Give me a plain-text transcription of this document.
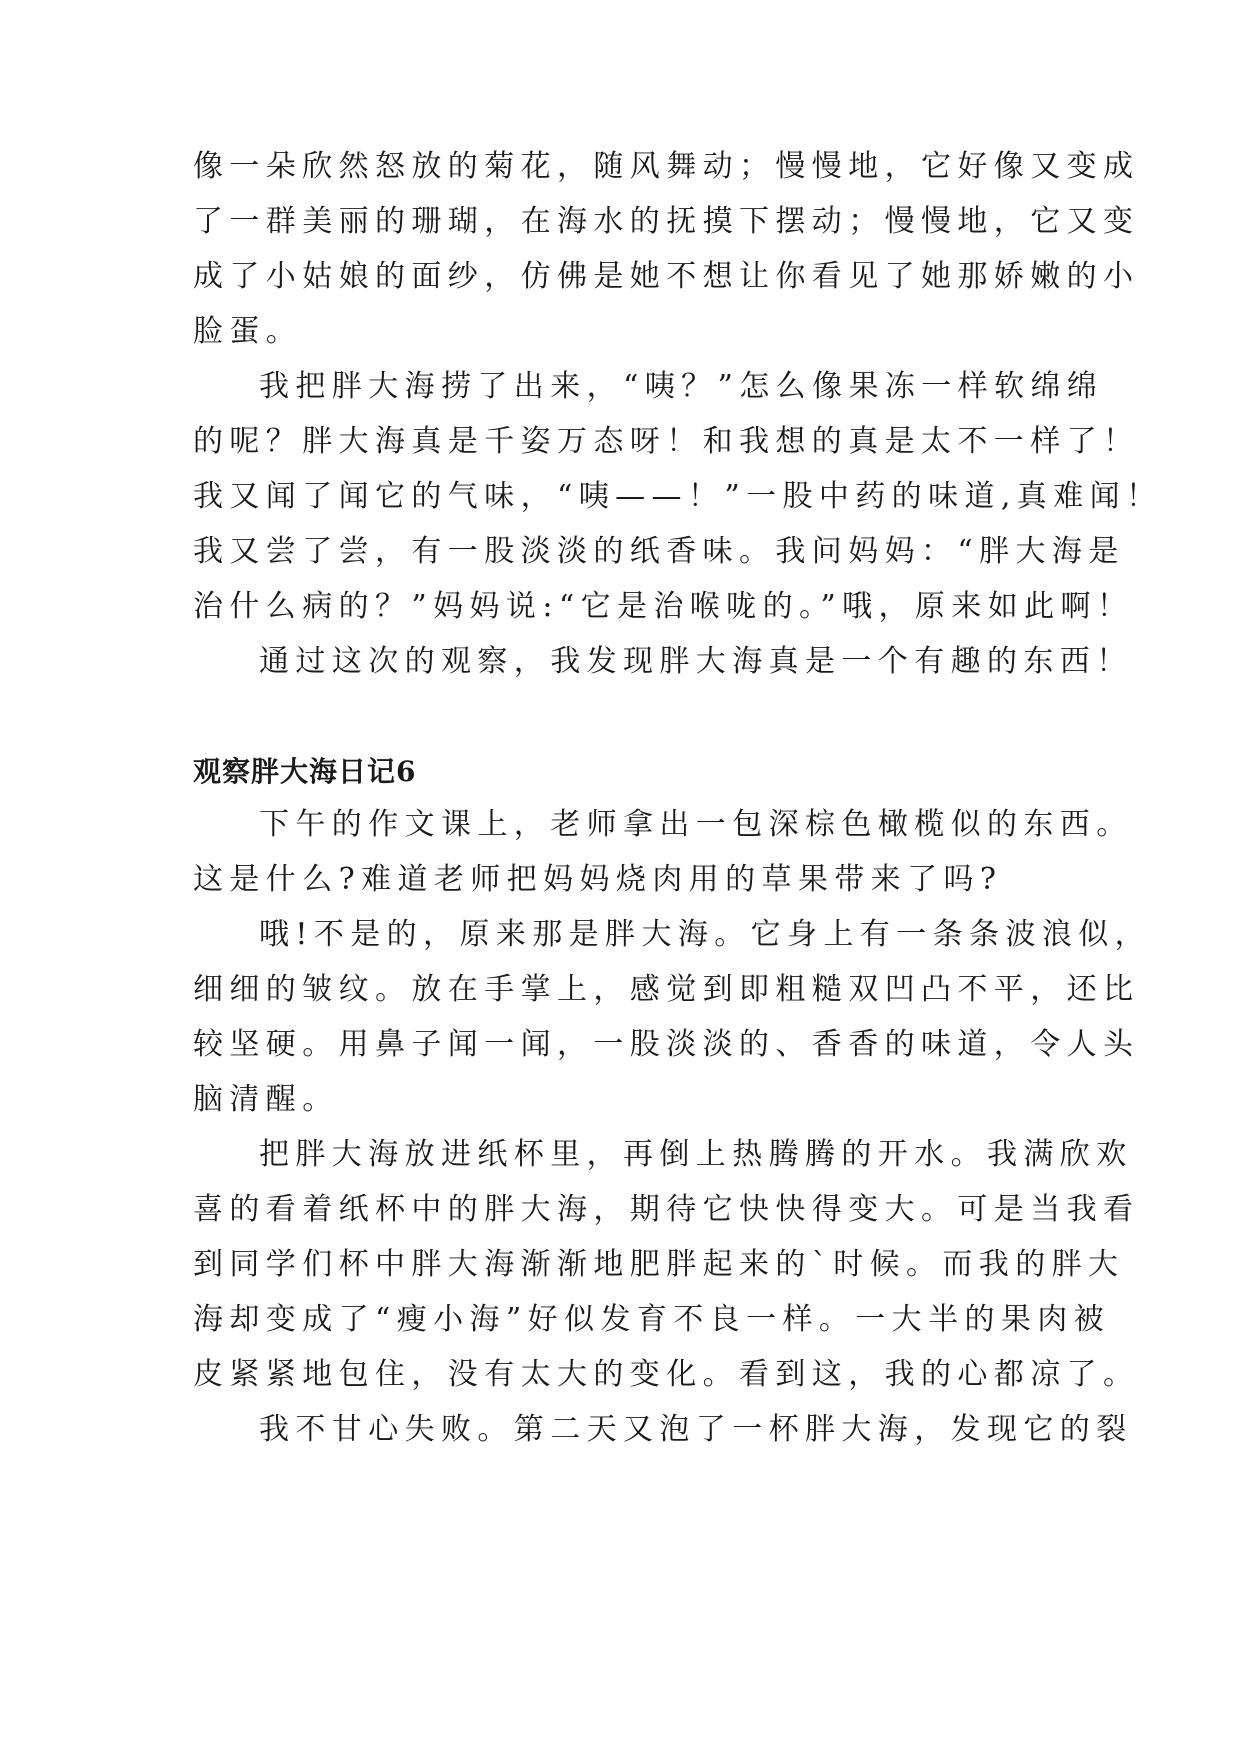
像一朵欣然怒放的菊花，随风舞动；慢慢地，它好像又变成

了一群美丽的珊瑚，在海水的抚摸下摆动；慢慢地，它又变

成了小姑娘的面纱，仿佛是她不想让你看见了她那娇嫩的小

脸蛋。

我把胖大海捞了出来，“咦？”怎么像果冻一样软绵绵

的呢？胖大海真是千姿万态呀！和我想的真是太不一样了！

我又闻了闻它的气味，“咦——！”一股中药的味道,真难闻！

我又尝了尝，有一股淡淡的纸香味。我问妈妈：“胖大海是

治什么病的？”妈妈说:“它是治喉咙的。”哦，原来如此啊！

通过这次的观察，我发现胖大海真是一个有趣的东西！

观察胖大海日记6

下午的作文课上，老师拿出一包深棕色橄榄似的东西。

这是什么?难道老师把妈妈烧肉用的草果带来了吗?

哦!不是的，原来那是胖大海。它身上有一条条波浪似，

细细的皱纹。放在手掌上，感觉到即粗糙双凹凸不平，还比

较坚硬。用鼻子闻一闻，一股淡淡的、香香的味道，令人头

脑清醒。

把胖大海放进纸杯里，再倒上热腾腾的开水。我满欣欢

喜的看着纸杯中的胖大海，期待它快快得变大。可是当我看

到同学们杯中胖大海渐渐地肥胖起来的`时候。而我的胖大

海却变成了“瘦小海”好似发育不良一样。一大半的果肉被

皮紧紧地包住，没有太大的变化。看到这，我的心都凉了。

我不甘心失败。第二天又泡了一杯胖大海，发现它的裂
